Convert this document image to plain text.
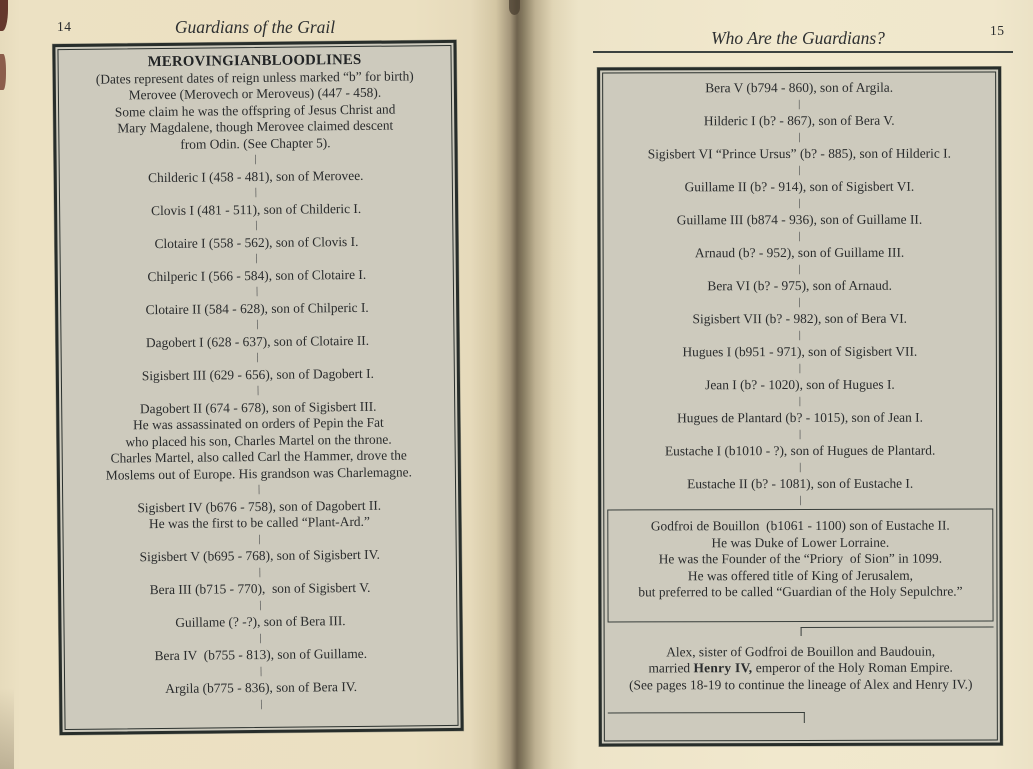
14	Guardians of the Grail
MEROVINGIAN BLOODLINES
(Dates represent dates of reign unless marked “b” for birth)
Merovee (Merovech or Meroveus) (447 - 458).
Some claim he was the offspring of Jesus Christ and
Mary Magdalene, though Merovee claimed descent
from Odin. (See Chapter 5).
|
Childeric I (458 - 481), son of Merovee.
|
Clovis I (481 - 511), son of Childeric I.
|
Clotaire I (558 - 562), son of Clovis I.
|
Chilperic I (566 - 584), son of Clotaire I.
|
Clotaire II (584 - 628), son of Chilperic I.
|
Dagobert I (628 - 637), son of Clotaire II.
|
Sigisbert III (629 - 656), son of Dagobert I.
|
Dagobert II (674 - 678), son of Sigisbert III.
He was assassinated on orders of Pepin the Fat
who placed his son, Charles Martel on the throne.
Charles Martel, also called Carl the Hammer, drove the
Moslems out of Europe. His grandson was Charlemagne.
|
Sigisbert IV (b676 - 758), son of Dagobert II.
He was the first to be called “Plant-Ard.”
|
Sigisbert V (b695 - 768), son of Sigisbert IV.
|
Bera III (b715 - 770),  son of Sigisbert V.
|
Guillame (? -?), son of Bera III.
|
Bera IV  (b755 - 813), son of Guillame.
|
Argila (b775 - 836), son of Bera IV.
|
Who Are the Guardians?	15
Bera V (b794 - 860), son of Argila.
|
Hilderic I (b? - 867), son of Bera V.
|
Sigisbert VI “Prince Ursus” (b? - 885), son of Hilderic I.
|
Guillame II (b? - 914), son of Sigisbert VI.
|
Guillame III (b874 - 936), son of Guillame II.
|
Arnaud (b? - 952), son of Guillame III.
|
Bera VI (b? - 975), son of Arnaud.
|
Sigisbert VII (b? - 982), son of Bera VI.
|
Hugues I (b951 - 971), son of Sigisbert VII.
|
Jean I (b? - 1020), son of Hugues I.
|
Hugues de Plantard (b? - 1015), son of Jean I.
|
Eustache I (b1010 - ?), son of Hugues de Plantard.
|
Eustache II (b? - 1081), son of Eustache I.
|
Godfroi de Bouillon  (b1061 - 1100) son of Eustache II.
He was Duke of Lower Lorraine.
He was the Founder of the “Priory  of Sion” in 1099.
He was offered title of King of Jerusalem,
but preferred to be called “Guardian of the Holy Sepulchre.”
Alex, sister of Godfroi de Bouillon and Baudouin,
married Henry IV, emperor of the Holy Roman Empire.
(See pages 18-19 to continue the lineage of Alex and Henry IV.)
